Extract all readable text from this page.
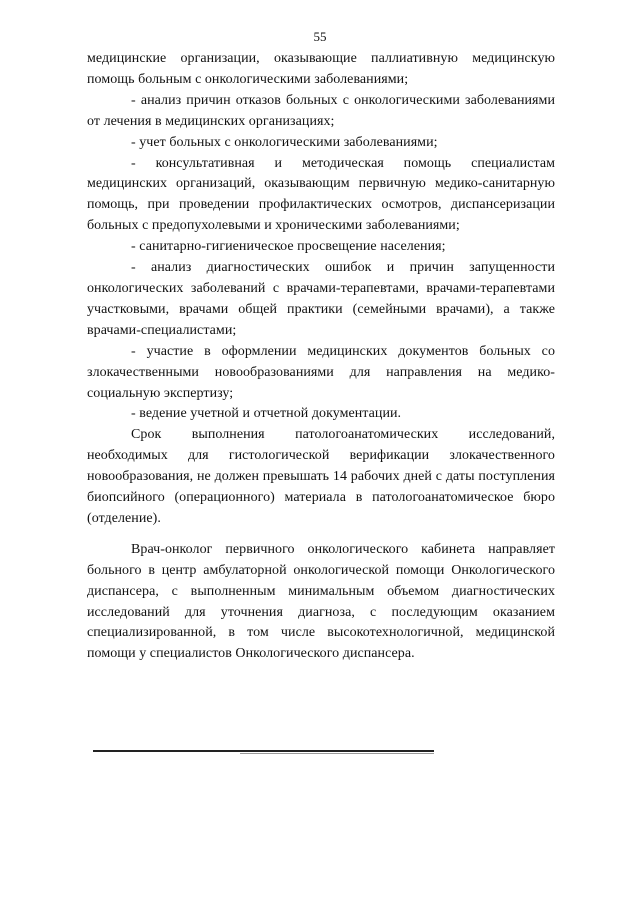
55

медицинские организации, оказывающие паллиативную медицинскую помощь больным с онкологическими заболеваниями;

- анализ причин отказов больных с онкологическими заболеваниями от лечения в медицинских организациях;

- учет больных с онкологическими заболеваниями;

- консультативная и методическая помощь специалистам медицинских организаций, оказывающим первичную медико-санитарную помощь, при проведении профилактических осмотров, диспансеризации больных с предопухолевыми и хроническими заболеваниями;

- санитарно-гигиеническое просвещение населения;

- анализ диагностических ошибок и причин запущенности онкологических заболеваний с врачами-терапевтами, врачами-терапевтами участковыми, врачами общей практики (семейными врачами), а также врачами-специалистами;

- участие в оформлении медицинских документов больных со злокачественными новообразованиями для направления на медико-социальную экспертизу;

- ведение учетной и отчетной документации.

Срок выполнения патологоанатомических исследований, необходимых для гистологической верификации злокачественного новообразования, не должен превышать 14 рабочих дней с даты поступления биопсийного (операционного) материала в патологоанатомическое бюро (отделение).

Врач-онколог первичного онкологического кабинета направляет больного в центр амбулаторной онкологической помощи Онкологического диспансера, с выполненным минимальным объемом диагностических исследований для уточнения диагноза, с последующим оказанием специализированной, в том числе высокотехнологичной, медицинской помощи у специалистов Онкологического диспансера.
